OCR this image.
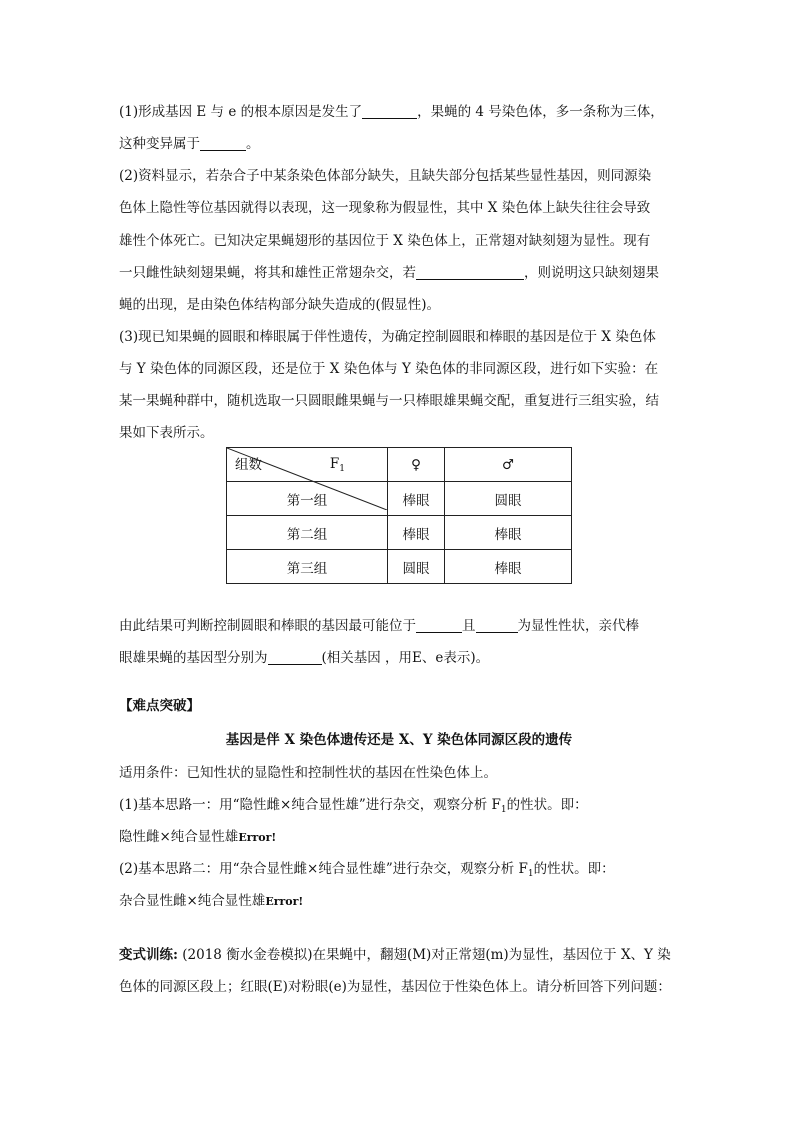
(1)形成基因 E 与 e 的根本原因是发生了	，果蝇的 4 号染色体，多一条称为三体，
这种变异属于	。
(2)资料显示，若杂合子中某条染色体部分缺失，且缺失部分包括某些显性基因，则同源染
色体上隐性等位基因就得以表现，这一现象称为假显性，其中 X 染色体上缺失往往会导致
雄性个体死亡。已知决定果蝇翅形的基因位于 X 染色体上，正常翅对缺刻翅为显性。现有
一只雌性缺刻翅果蝇，将其和雄性正常翅杂交，若	，则说明这只缺刻翅果
蝇的出现，是由染色体结构部分缺失造成的(假显性)。
(3)现已知果蝇的圆眼和棒眼属于伴性遗传，为确定控制圆眼和棒眼的基因是位于 X 染色体
与 Y 染色体的同源区段，还是位于 X 染色体与 Y 染色体的非同源区段，进行如下实验：在
某一果蝇种群中，随机选取一只圆眼雌果蝇与一只棒眼雄果蝇交配，重复进行三组实验，结
果如下表所示。
$F_1$
组数	♀	♂
第一组	棒眼	圆眼
第二组	棒眼	棒眼
第三组	圆眼	棒眼
由此结果可判断控制圆眼和棒眼的基因最可能位于	且	为显性性状，亲代棒
眼雄果蝇的基因型分别为	(相关基因 ，用E、e表示)。
【难点突破】
基因是伴 X 染色体遗传还是 X、Y 染色体同源区段的遗传
适用条件：已知性状的显隐性和控制性状的基因在性染色体上。
(1)基本思路一：用“隐性雌×纯合显性雄”进行杂交，观察分析 $F_1$的性状。即：
隐性雌×纯合显性雄Error!
(2)基本思路二：用“杂合显性雌×纯合显性雄”进行杂交，观察分析 $F_1$的性状。即：
杂合显性雌×纯合显性雄Error!
变式训练: (2018 衡水金卷模拟)在果蝇中，翻翅(M)对正常翅(m)为显性，基因位于 X、Y 染
色体的同源区段上；红眼(E)对粉眼(e)为显性，基因位于性染色体上。请分析回答下列问题：
